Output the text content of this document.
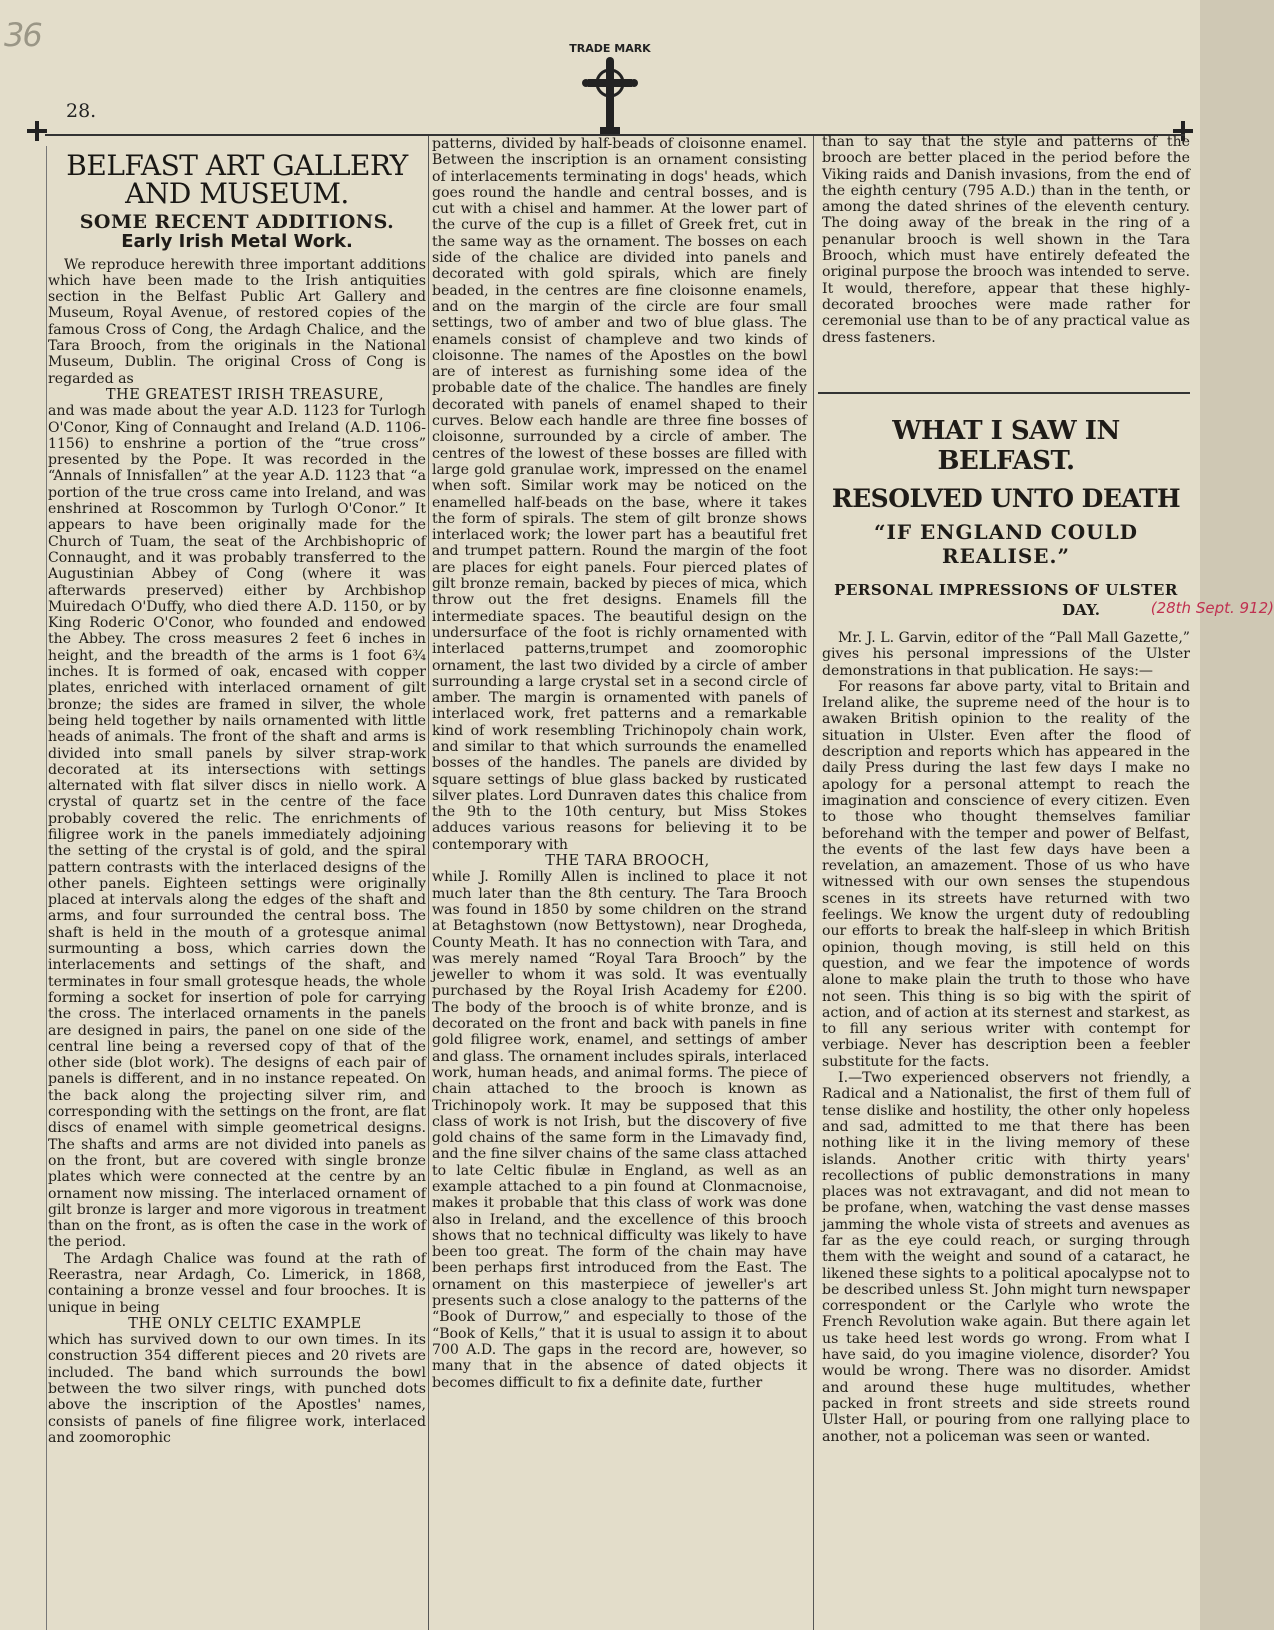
36
28.
TRADE MARK
BELFAST ART GALLERY AND MUSEUM.
SOME RECENT ADDITIONS.
Early Irish Metal Work.

We reproduce herewith three important additions which have been made to the Irish antiquities section in the Belfast Public Art Gallery and Museum, Royal Avenue, of restored copies of the famous Cross of Cong, the Ardagh Chalice, and the Tara Brooch, from the originals in the National Museum, Dublin. The original Cross of Cong is regarded as

THE GREATEST IRISH TREASURE,

and was made about the year A.D. 1123 for Turlogh O'Conor, King of Connaught and Ireland (A.D. 1106-1156) to enshrine a portion of the “true cross” presented by the Pope. It was recorded in the “Annals of Innisfallen” at the year A.D. 1123 that “a portion of the true cross came into Ireland, and was enshrined at Roscommon by Turlogh O'Conor.” It appears to have been originally made for the Church of Tuam, the seat of the Archbishopric of Connaught, and it was probably transferred to the Augustinian Abbey of Cong (where it was afterwards preserved) either by Archbishop Muiredach O'Duffy, who died there A.D. 1150, or by King Roderic O'Conor, who founded and endowed the Abbey. The cross measures 2 feet 6 inches in height, and the breadth of the arms is 1 foot 6¾ inches. It is formed of oak, encased with copper plates, enriched with interlaced ornament of gilt bronze; the sides are framed in silver, the whole being held together by nails ornamented with little heads of animals. The front of the shaft and arms is divided into small panels by silver strap-work decorated at its intersections with settings alternated with flat silver discs in niello work. A crystal of quartz set in the centre of the face probably covered the relic. The enrichments of filigree work in the panels immediately adjoining the setting of the crystal is of gold, and the spiral pattern contrasts with the interlaced designs of the other panels. Eighteen settings were originally placed at intervals along the edges of the shaft and arms, and four surrounded the central boss. The shaft is held in the mouth of a grotesque animal surmounting a boss, which carries down the interlacements and settings of the shaft, and terminates in four small grotesque heads, the whole forming a socket for insertion of pole for carrying the cross. The interlaced ornaments in the panels are designed in pairs, the panel on one side of the central line being a reversed copy of that of the other side (blot work). The designs of each pair of panels is different, and in no instance repeated. On the back along the projecting silver rim, and corresponding with the settings on the front, are flat discs of enamel with simple geometrical designs. The shafts and arms are not divided into panels as on the front, but are covered with single bronze plates which were connected at the centre by an ornament now missing. The interlaced ornament of gilt bronze is larger and more vigorous in treatment than on the front, as is often the case in the work of the period.

The Ardagh Chalice was found at the rath of Reerastra, near Ardagh, Co. Limerick, in 1868, containing a bronze vessel and four brooches. It is unique in being

THE ONLY CELTIC EXAMPLE

which has survived down to our own times. In its construction 354 different pieces and 20 rivets are included. The band which surrounds the bowl between the two silver rings, with punched dots above the inscription of the Apostles' names, consists of panels of fine filigree work, interlaced and zoomorophic

patterns, divided by half-beads of cloisonne enamel. Between the inscription is an ornament consisting of interlacements terminating in dogs' heads, which goes round the handle and central bosses, and is cut with a chisel and hammer. At the lower part of the curve of the cup is a fillet of Greek fret, cut in the same way as the ornament. The bosses on each side of the chalice are divided into panels and decorated with gold spirals, which are finely beaded, in the centres are fine cloisonne enamels, and on the margin of the circle are four small settings, two of amber and two of blue glass. The enamels consist of champleve and two kinds of cloisonne. The names of the Apostles on the bowl are of interest as furnishing some idea of the probable date of the chalice. The handles are finely decorated with panels of enamel shaped to their curves. Below each handle are three fine bosses of cloisonne, surrounded by a circle of amber. The centres of the lowest of these bosses are filled with large gold granulae work, impressed on the enamel when soft. Similar work may be noticed on the enamelled half-beads on the base, where it takes the form of spirals. The stem of gilt bronze shows interlaced work; the lower part has a beautiful fret and trumpet pattern. Round the margin of the foot are places for eight panels. Four pierced plates of gilt bronze remain, backed by pieces of mica, which throw out the fret designs. Enamels fill the intermediate spaces. The beautiful design on the undersurface of the foot is richly ornamented with interlaced patterns,trumpet and zoomorophic ornament, the last two divided by a circle of amber surrounding a large crystal set in a second circle of amber. The margin is ornamented with panels of interlaced work, fret patterns and a remarkable kind of work resembling Trichinopoly chain work, and similar to that which surrounds the enamelled bosses of the handles. The panels are divided by square settings of blue glass backed by rusticated silver plates. Lord Dunraven dates this chalice from the 9th to the 10th century, but Miss Stokes adduces various reasons for believing it to be contemporary with

THE TARA BROOCH,

while J. Romilly Allen is inclined to place it not much later than the 8th century. The Tara Brooch was found in 1850 by some children on the strand at Betaghstown (now Bettystown), near Drogheda, County Meath. It has no connection with Tara, and was merely named “Royal Tara Brooch” by the jeweller to whom it was sold. It was eventually purchased by the Royal Irish Academy for £200. The body of the brooch is of white bronze, and is decorated on the front and back with panels in fine gold filigree work, enamel, and settings of amber and glass. The ornament includes spirals, interlaced work, human heads, and animal forms. The piece of chain attached to the brooch is known as Trichinopoly work. It may be supposed that this class of work is not Irish, but the discovery of five gold chains of the same form in the Limavady find, and the fine silver chains of the same class attached to late Celtic fibulæ in England, as well as an example attached to a pin found at Clonmacnoise, makes it probable that this class of work was done also in Ireland, and the excellence of this brooch shows that no technical difficulty was likely to have been too great. The form of the chain may have been perhaps first introduced from the East. The ornament on this masterpiece of jeweller's art presents such a close analogy to the patterns of the “Book of Durrow,” and especially to those of the “Book of Kells,” that it is usual to assign it to about 700 A.D. The gaps in the record are, however, so many that in the absence of dated objects it becomes difficult to fix a definite date, further

than to say that the style and patterns of the brooch are better placed in the period before the Viking raids and Danish invasions, from the end of the eighth century (795 A.D.) than in the tenth, or among the dated shrines of the eleventh century. The doing away of the break in the ring of a penanular brooch is well shown in the Tara Brooch, which must have entirely defeated the original purpose the brooch was intended to serve. It would, therefore, appear that these highly-decorated brooches were made rather for ceremonial use than to be of any practical value as dress fasteners.

WHAT I SAW IN BELFAST.
RESOLVED UNTO DEATH
“IF ENGLAND COULD REALISE.”
PERSONAL IMPRESSIONS OF ULSTER
DAY.	(28th Sept. 912)

Mr. J. L. Garvin, editor of the “Pall Mall Gazette,” gives his personal impressions of the Ulster demonstrations in that publication. He says:—

For reasons far above party, vital to Britain and Ireland alike, the supreme need of the hour is to awaken British opinion to the reality of the situation in Ulster. Even after the flood of description and reports which has appeared in the daily Press during the last few days I make no apology for a personal attempt to reach the imagination and conscience of every citizen. Even to those who thought themselves familiar beforehand with the temper and power of Belfast, the events of the last few days have been a revelation, an amazement. Those of us who have witnessed with our own senses the stupendous scenes in its streets have returned with two feelings. We know the urgent duty of redoubling our efforts to break the half-sleep in which British opinion, though moving, is still held on this question, and we fear the impotence of words alone to make plain the truth to those who have not seen. This thing is so big with the spirit of action, and of action at its sternest and starkest, as to fill any serious writer with contempt for verbiage. Never has description been a feebler substitute for the facts.

I.—Two experienced observers not friendly, a Radical and a Nationalist, the first of them full of tense dislike and hostility, the other only hopeless and sad, admitted to me that there has been nothing like it in the living memory of these islands. Another critic with thirty years' recollections of public demonstrations in many places was not extravagant, and did not mean to be profane, when, watching the vast dense masses jamming the whole vista of streets and avenues as far as the eye could reach, or surging through them with the weight and sound of a cataract, he likened these sights to a political apocalypse not to be described unless St. John might turn newspaper correspondent or the Carlyle who wrote the French Revolution wake again. But there again let us take heed lest words go wrong. From what I have said, do you imagine violence, disorder? You would be wrong. There was no disorder. Amidst and around these huge multitudes, whether packed in front streets and side streets round Ulster Hall, or pouring from one rallying place to another, not a policeman was seen or wanted.
